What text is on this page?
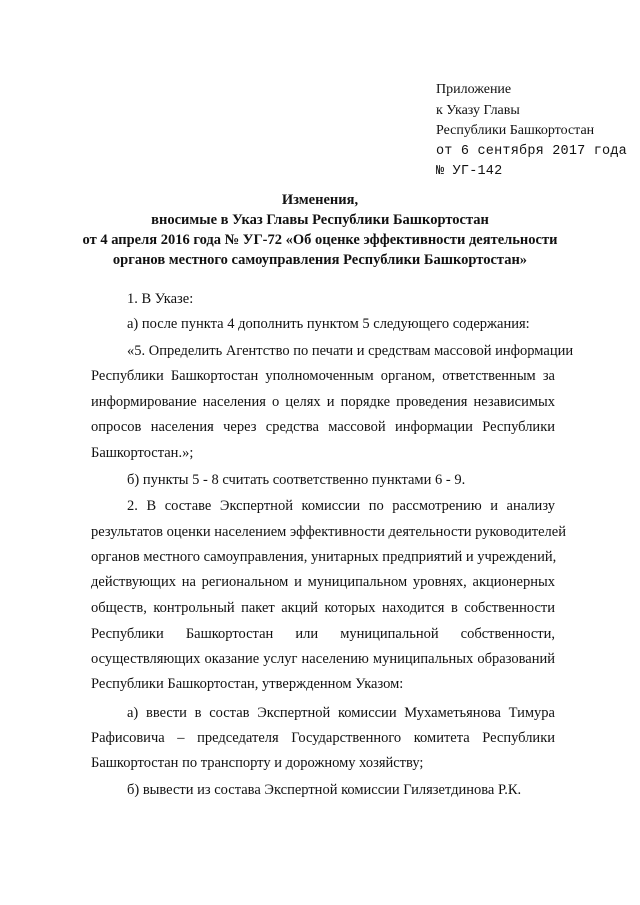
Приложение
к Указу Главы
Республики Башкортостан
от 6 сентября 2017 года
№ УГ-142
Изменения,
вносимые в Указ Главы Республики Башкортостан
от 4 апреля 2016 года № УГ-72 «Об оценке эффективности деятельности
органов местного самоуправления Республики Башкортостан»
1. В Указе:
а) после пункта 4 дополнить пунктом 5 следующего содержания:
«5. Определить Агентство по печати и средствам массовой информации
Республики Башкортостан уполномоченным органом, ответственным за
информирование населения о целях и порядке проведения независимых
опросов населения через средства массовой информации Республики
Башкортостан.»;
б) пункты 5 - 8 считать соответственно пунктами 6 - 9.
2. В составе Экспертной комиссии по рассмотрению и анализу
результатов оценки населением эффективности деятельности руководителей
органов местного самоуправления, унитарных предприятий и учреждений,
действующих на региональном и муниципальном уровнях, акционерных
обществ, контрольный пакет акций которых находится в собственности
Республики Башкортостан или муниципальной собственности,
осуществляющих оказание услуг населению муниципальных образований
Республики Башкортостан, утвержденном Указом:
а) ввести в состав Экспертной комиссии Мухаметьянова Тимура
Рафисовича – председателя Государственного комитета Республики
Башкортостан по транспорту и дорожному хозяйству;
б) вывести из состава Экспертной комиссии Гилязетдинова Р.К.
